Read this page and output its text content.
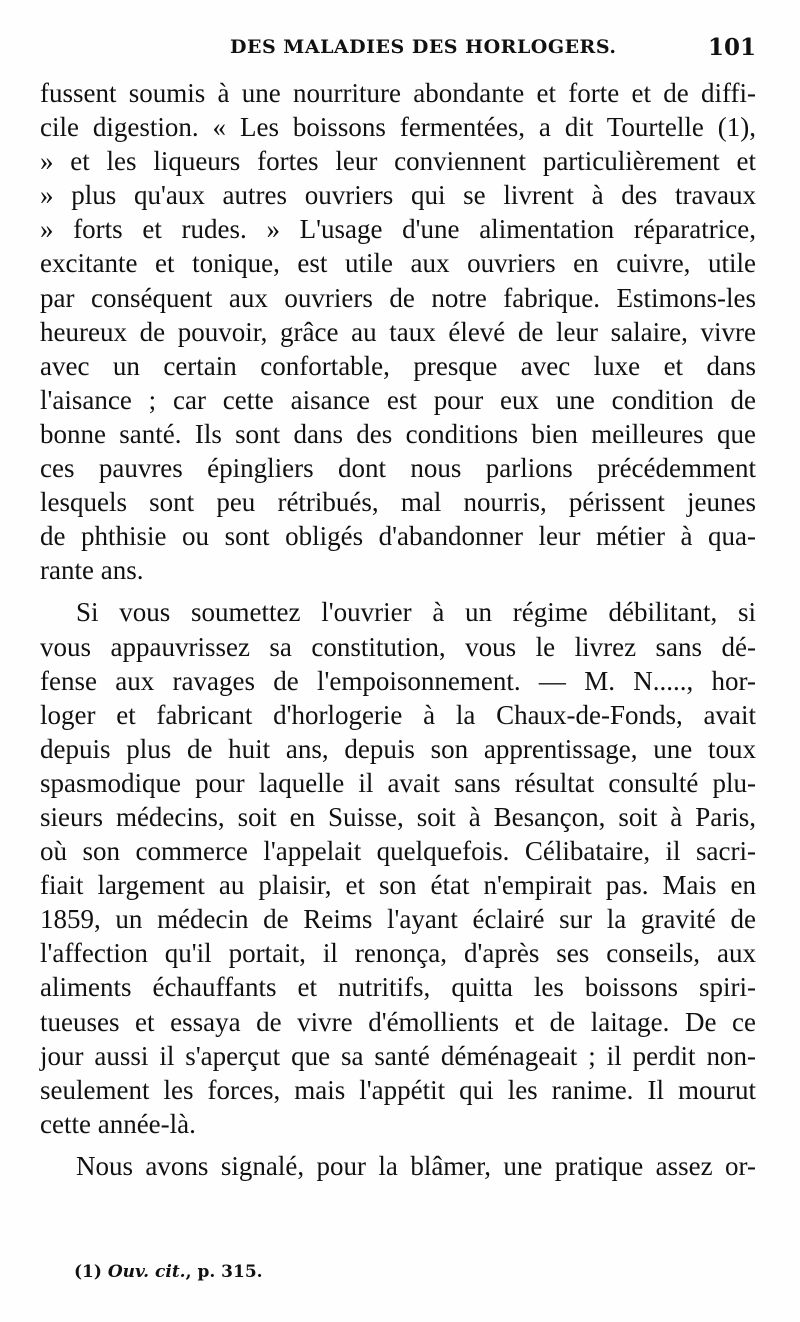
DES MALADIES DES HORLOGERS.	101
fussent soumis à une nourriture abondante et forte et de diffi-
cile digestion. « Les boissons fermentées, a dit Tourtelle (1),
» et les liqueurs fortes leur conviennent particulièrement et
» plus qu'aux autres ouvriers qui se livrent à des travaux
» forts et rudes. » L'usage d'une alimentation réparatrice,
excitante et tonique, est utile aux ouvriers en cuivre, utile
par conséquent aux ouvriers de notre fabrique. Estimons-les
heureux de pouvoir, grâce au taux élevé de leur salaire, vivre
avec un certain confortable, presque avec luxe et dans
l'aisance ; car cette aisance est pour eux une condition de
bonne santé. Ils sont dans des conditions bien meilleures que
ces pauvres épingliers dont nous parlions précédemment
lesquels sont peu rétribués, mal nourris, périssent jeunes
de phthisie ou sont obligés d'abandonner leur métier à qua-
rante ans.
Si vous soumettez l'ouvrier à un régime débilitant, si
vous appauvrissez sa constitution, vous le livrez sans dé-
fense aux ravages de l'empoisonnement. — M. N....., hor-
loger et fabricant d'horlogerie à la Chaux-de-Fonds, avait
depuis plus de huit ans, depuis son apprentissage, une toux
spasmodique pour laquelle il avait sans résultat consulté plu-
sieurs médecins, soit en Suisse, soit à Besançon, soit à Paris,
où son commerce l'appelait quelquefois. Célibataire, il sacri-
fiait largement au plaisir, et son état n'empirait pas. Mais en
1859, un médecin de Reims l'ayant éclairé sur la gravité de
l'affection qu'il portait, il renonça, d'après ses conseils, aux
aliments échauffants et nutritifs, quitta les boissons spiri-
tueuses et essaya de vivre d'émollients et de laitage. De ce
jour aussi il s'aperçut que sa santé déménageait ; il perdit non-
seulement les forces, mais l'appétit qui les ranime. Il mourut
cette année-là.
Nous avons signalé, pour la blâmer, une pratique assez or-
(1) Ouv. cit., p. 315.
